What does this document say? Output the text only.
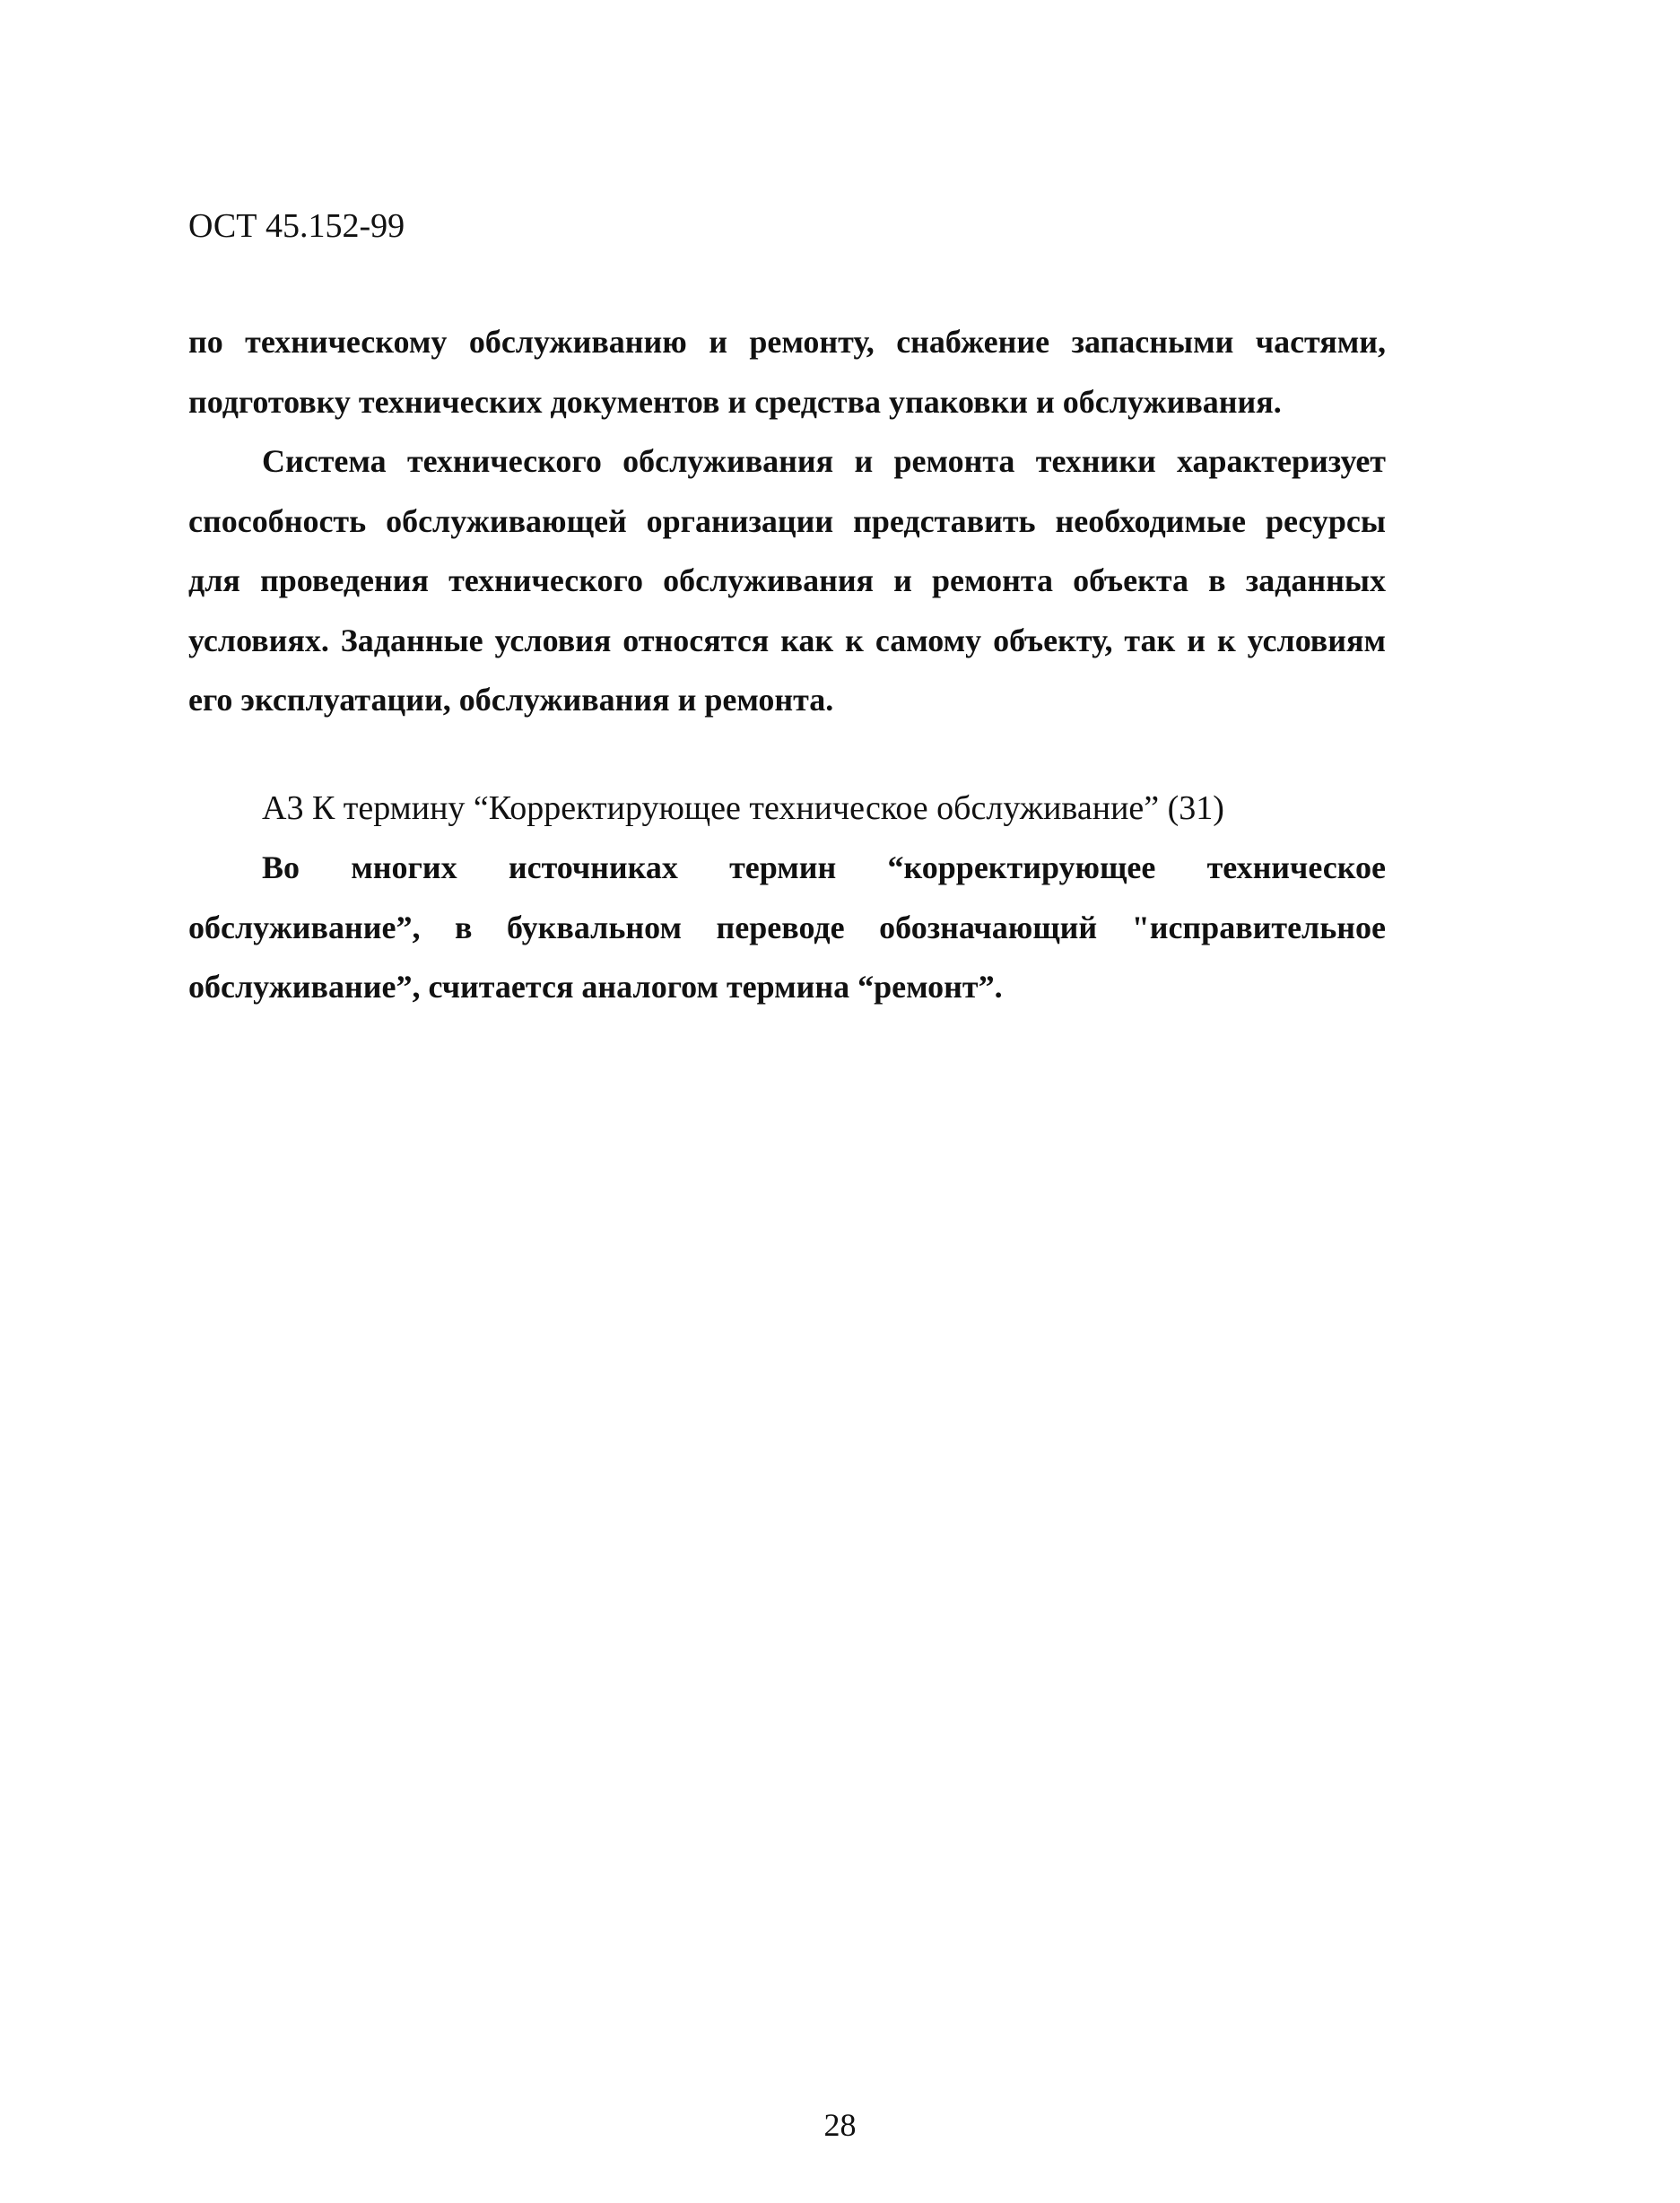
ОСТ 45.152-99

по техническому обслуживанию и ремонту, снабжение запасными частями, подготовку технических документов и средства упаковки и обслуживания.

Система технического обслуживания и ремонта техники характеризует способность обслуживающей организации представить необходимые ресурсы для проведения технического обслуживания и ремонта объекта в заданных условиях. Заданные условия относятся как к самому объекту, так и к условиям его эксплуатации, обслуживания и ремонта.

А3 К термину “Корректирующее техническое обслуживание” (31)

Во многих источниках термин “корректирующее техническое обслуживание”, в буквальном переводе обозначающий "исправительное обслуживание”, считается аналогом термина “ремонт”.

28
